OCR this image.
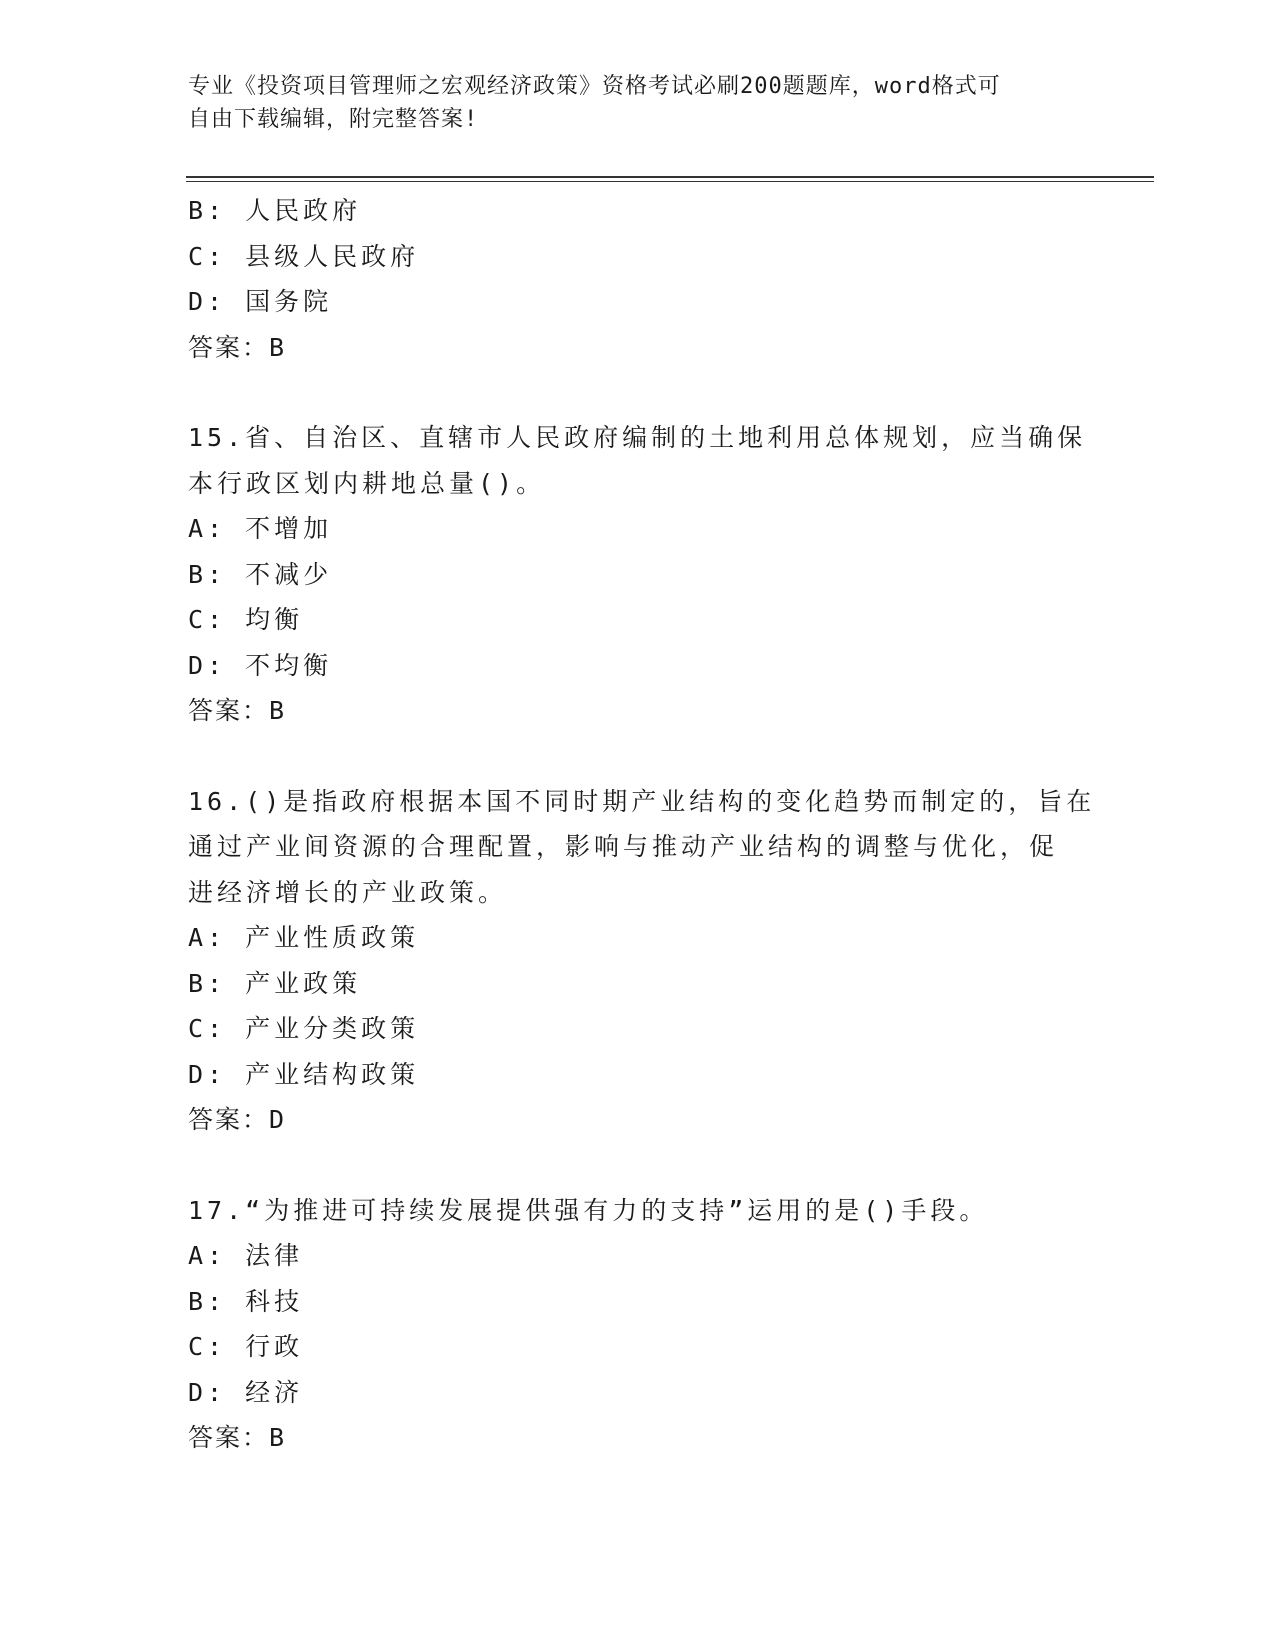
专业《投资项目管理师之宏观经济政策》资格考试必刷200题题库，word格式可
自由下载编辑，附完整答案!
B: 人民政府
C: 县级人民政府
D: 国务院
答案：B
15.省、自治区、直辖市人民政府编制的土地利用总体规划，应当确保
本行政区划内耕地总量()。
A: 不增加
B: 不减少
C: 均衡
D: 不均衡
答案：B
16.()是指政府根据本国不同时期产业结构的变化趋势而制定的，旨在
通过产业间资源的合理配置，影响与推动产业结构的调整与优化，促
进经济增长的产业政策。
A: 产业性质政策
B: 产业政策
C: 产业分类政策
D: 产业结构政策
答案：D
17.“为推进可持续发展提供强有力的支持”运用的是()手段。
A: 法律
B: 科技
C: 行政
D: 经济
答案：B
